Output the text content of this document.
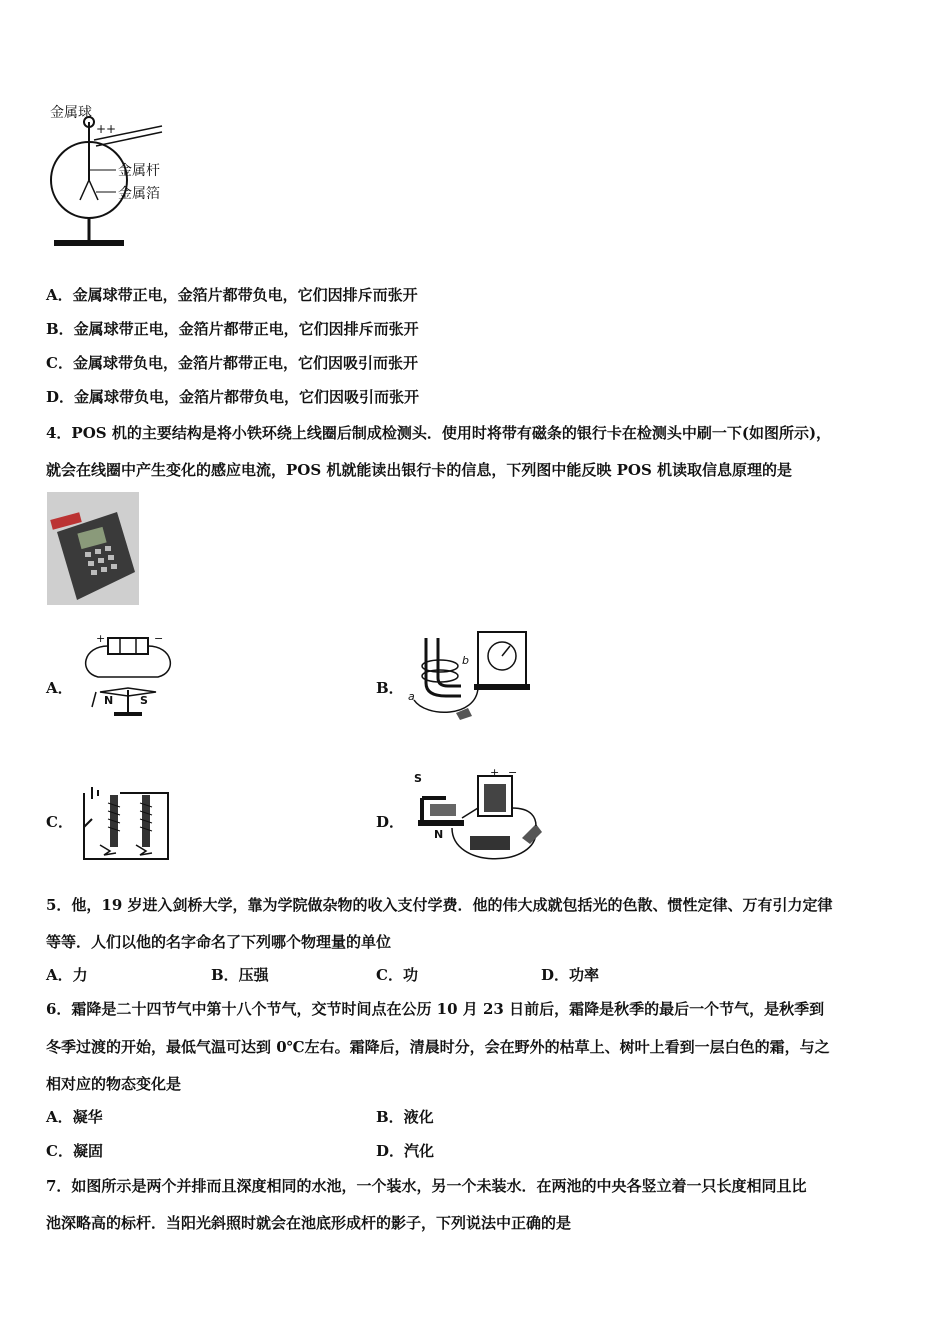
金属球
++
金属杆
金属箔
A．金属球带正电，金箔片都带负电，它们因排斥而张开
B．金属球带正电，金箔片都带正电，它们因排斥而张开
C．金属球带负电，金箔片都带正电，它们因吸引而张开
D．金属球带负电，金箔片都带负电，它们因吸引而张开
4．POS 机的主要结构是将小铁环绕上线圈后制成检测头．使用时将带有磁条的银行卡在检测头中刷一下(如图所示)，
就会在线圈中产生变化的感应电流，POS 机就能读出银行卡的信息，下列图中能反映 POS 机读取信息原理的是
A．
+	−
N S
B． a
b
C．	D．
S
N
+ −
5．他，19 岁进入剑桥大学，靠为学院做杂物的收入支付学费．他的伟大成就包括光的色散、惯性定律、万有引力定律
等等．人们以他的名字命名了下列哪个物理量的单位
A．力	B．压强	C．功	D．功率
6．霜降是二十四节气中第十八个节气，交节时间点在公历 10 月 23 日前后，霜降是秋季的最后一个节气，是秋季到
冬季过渡的开始，最低气温可达到 0℃左右。霜降后，清晨时分，会在野外的枯草上、树叶上看到一层白色的霜，与之
相对应的物态变化是
A．凝华	B．液化
C．凝固	D．汽化
7．如图所示是两个并排而且深度相同的水池，一个装水，另一个未装水．在两池的中央各竖立着一只长度相同且比
池深略高的标杆．当阳光斜照时就会在池底形成杆的影子，下列说法中正确的是
